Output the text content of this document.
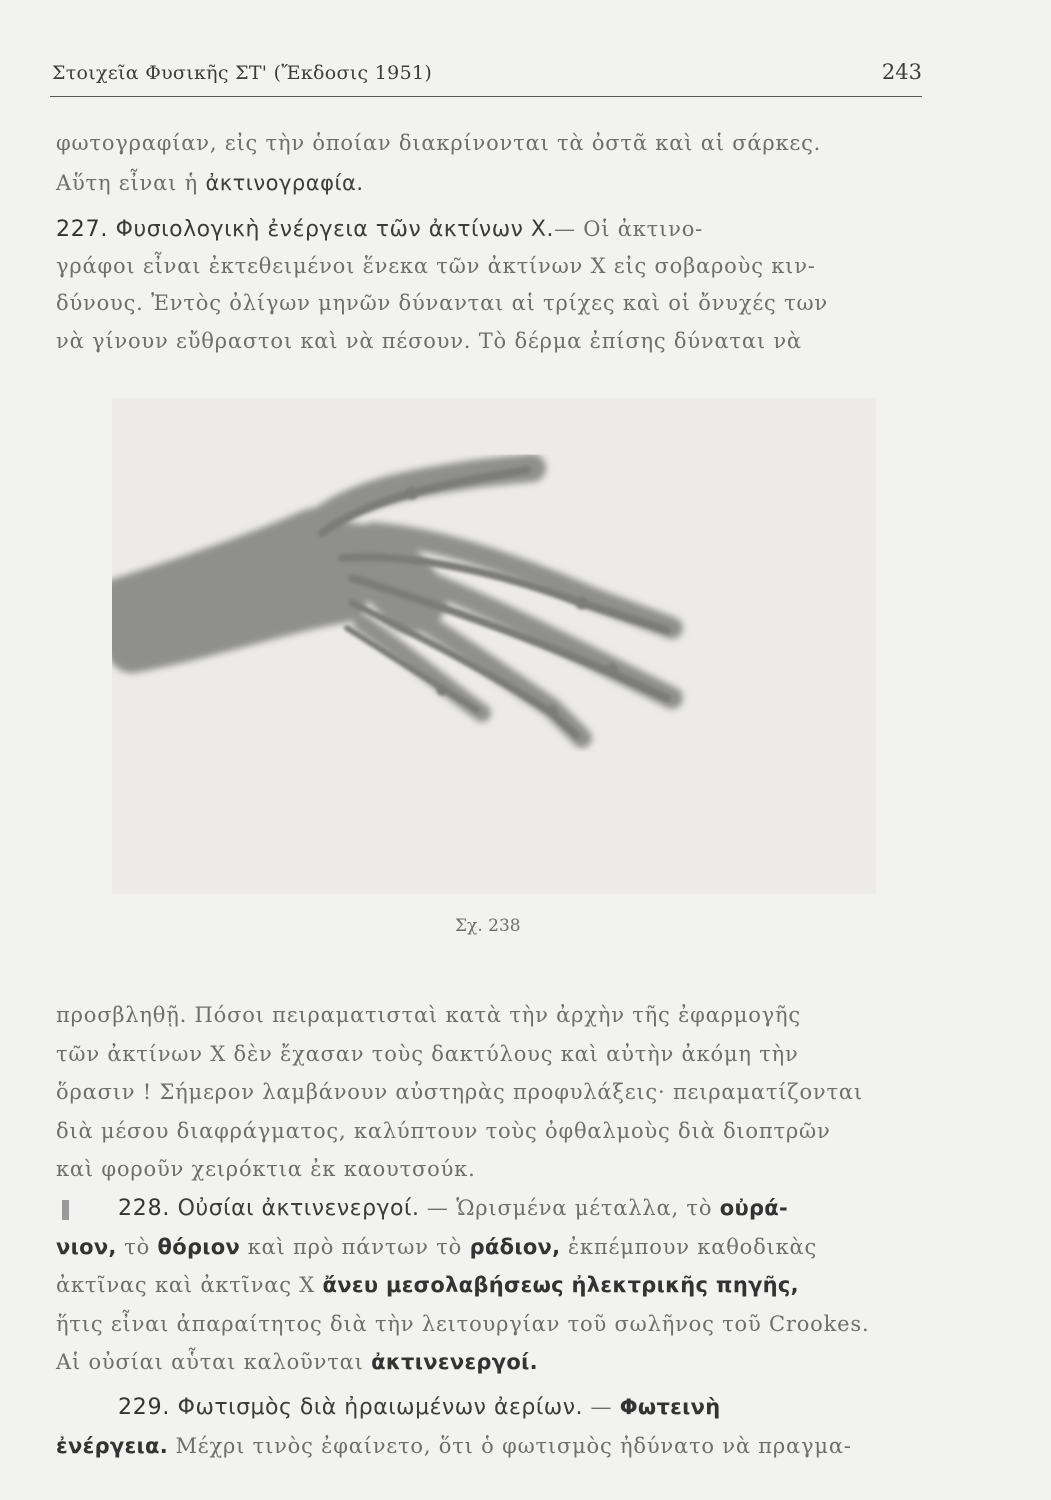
Στοιχεῖα Φυσικῆς ΣΤ' (Ἔκδοσις 1951)	243
φωτογραφίαν, εἰς τὴν ὁποίαν διακρίνονται τὰ ὀστᾶ καὶ αἱ σάρκες.
Αὕτη εἶναι ἡ ἀκτινογραφία.
227. Φυσιολογικὴ ἐνέργεια τῶν ἀκτίνων Χ.— Οἱ ἀκτινο-
γράφοι εἶναι ἐκτεθειμένοι ἕνεκα τῶν ἀκτίνων Χ εἰς σοβαροὺς κιν-
δύνους. Ἐντὸς ὀλίγων μηνῶν δύνανται αἱ τρίχες καὶ οἱ ὄνυχές των
νὰ γίνουν εὔθραστοι καὶ νὰ πέσουν. Τὸ δέρμα ἐπίσης δύναται νὰ
Σχ. 238
προσβληθῇ. Πόσοι πειραματισταὶ κατὰ τὴν ἀρχὴν τῆς ἐφαρμογῆς
τῶν ἀκτίνων Χ δὲν ἔχασαν τοὺς δακτύλους καὶ αὐτὴν ἀκόμη τὴν
ὅρασιν ! Σήμερον λαμβάνουν αὐστηρὰς προφυλάξεις· πειραματίζονται
διὰ μέσου διαφράγματος, καλύπτουν τοὺς ὀφθαλμοὺς διὰ διοπτρῶν
καὶ φοροῦν χειρόκτια ἐκ καουτσούκ.
228. Οὐσίαι ἀκτινενεργοί. — Ὡρισμένα μέταλλα, τὸ οὐρά-
νιον, τὸ θόριον καὶ πρὸ πάντων τὸ ράδιον, ἐκπέμπουν καθοδικὰς
ἀκτῖνας καὶ ἀκτῖνας Χ ἄνευ μεσολαβήσεως ἠλεκτρικῆς πηγῆς,
ἥτις εἶναι ἀπαραίτητος διὰ τὴν λειτουργίαν τοῦ σωλῆνος τοῦ Crookes.
Αἱ οὐσίαι αὗται καλοῦνται ἀκτινενεργοί.
229. Φωτισμὸς διὰ ἠραιωμένων ἀερίων. — Φωτεινὴ
ἐνέργεια. Μέχρι τινὸς ἐφαίνετο, ὅτι ὁ φωτισμὸς ἠδύνατο νὰ πραγμα-
